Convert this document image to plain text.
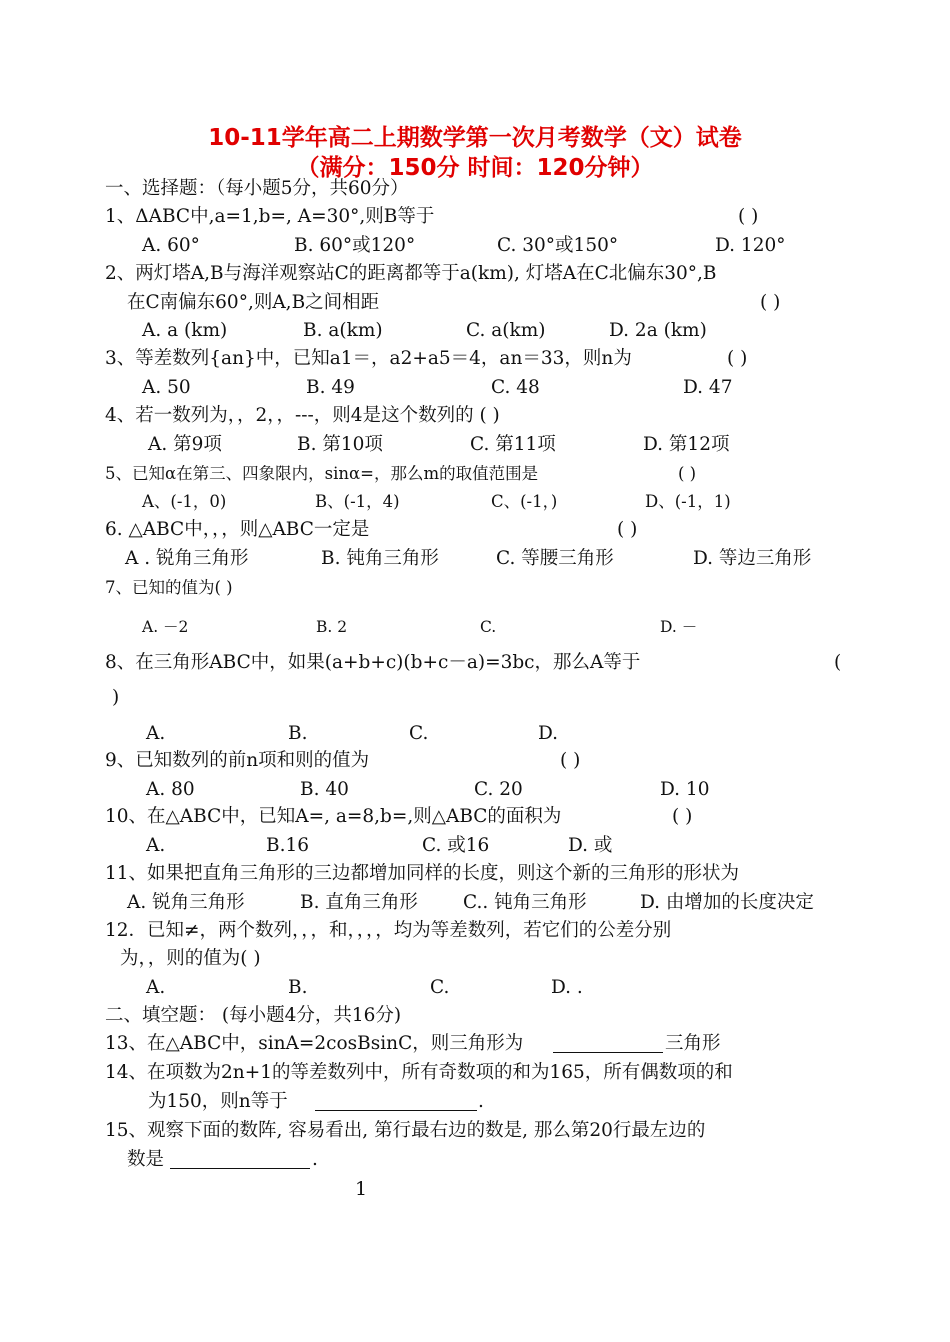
10-11学年高二上期数学第一次月考数学（文）试卷
（满分：150分 时间：120分钟）
一、选择题：（每小题5分，共60分）
1、ΔABC中,a=1,b=, A=30°,则B等于	( )
A. 60°	B. 60°或120°	C. 30°或150°	D. 120°
2、两灯塔A,B与海洋观察站C的距离都等于a(km), 灯塔A在C北偏东30°,B
在C南偏东60°,则A,B之间相距	( )
A. a (km)	B. a(km)	C. a(km)	D. 2a (km)
3、等差数列{an}中，已知a1＝，a2+a5＝4，an＝33，则n为	( )
A. 50	B. 49	C. 48	D. 47
4、若一数列为，，2，，---，则4是这个数列的 ( )
A. 第9项	B. 第10项	C. 第11项	D. 第12项
5、已知α在第三、四象限内，sinα=，那么m的取值范围是	( )
A、(-1，0)	B、(-1，4)	C、(-1，)	D、(-1，1)
6. △ABC中，，，则△ABC一定是	( )
A . 锐角三角形	B. 钝角三角形	C. 等腰三角形	D. 等边三角形
7、已知的值为( )
A. －2	B. 2	C.	D. －
8、在三角形ABC中，如果(a+b+c)(b+c－a)=3bc，那么A等于	(
)
A.	B.	C.	D.
9、已知数列的前n项和则的值为	( )
A. 80	B. 40	C. 20	D. 10
10、在△ABC中，已知A=, a=8,b=,则△ABC的面积为	( )
A.	B.16	C. 或16	D. 或
11、如果把直角三角形的三边都增加同样的长度，则这个新的三角形的形状为
A. 锐角三角形	B. 直角三角形 C.. 钝角三角形	D. 由增加的长度决定
12．已知≠，两个数列，，，和，，，，均为等差数列，若它们的公差分别
为，，则的值为( )
A.	B.	C.	D. .
二、填空题： (每小题4分，共16分)
13、在△ABC中，sinA=2cosBsinC，则三角形为	三角形
14、在项数为2n+1的等差数列中，所有奇数项的和为165，所有偶数项的和
为150，则n等于	.
15、观察下面的数阵, 容易看出, 第行最右边的数是, 那么第20行最左边的
数是	.
1
